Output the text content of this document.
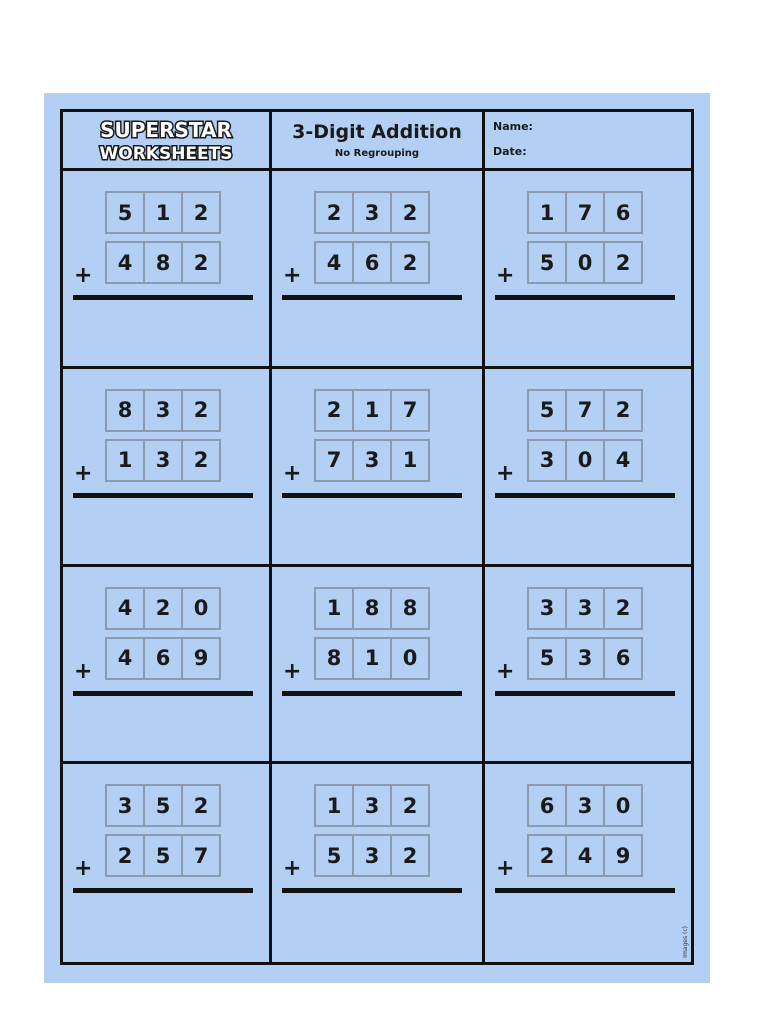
SUPERSTAR
WORKSHEETS
3-Digit Addition
No Regrouping
Name:
Date:
5	1	2
4	8	2
+
2	3	2
4	6	2
+
1	7	6
5	0	2
+
8	3	2
1	3	2
+
2	1	7
7	3	1
+
5	7	2
3	0	4
+
4	2	0
4	6	9
+
1	8	8
8	1	0
+
3	3	2
5	3	6
+
3	5	2
2	5	7
+
1	3	2
5	3	2
+
Images (c)
6	3	0
2	4	9
+
